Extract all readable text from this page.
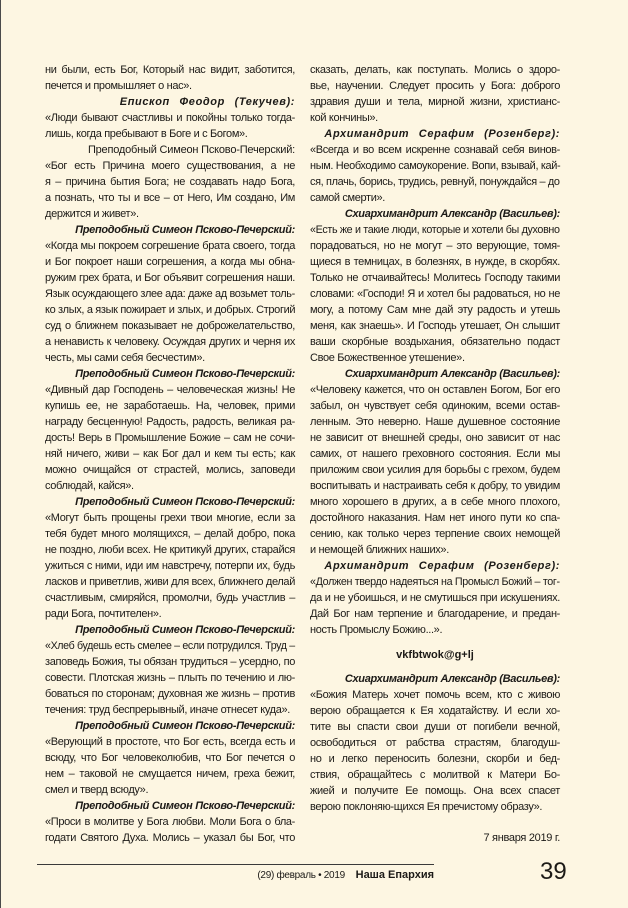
ни были, есть Бог, Который нас видит, заботится,
печется и промышляет о нас».
Епископ Феодор (Текучев):
«Люди бывают счастливы и покойны только тогда-
лишь, когда пребывают в Боге и с Богом».
Преподобный Симеон Псково-Печерский:
«Бог есть Причина моего существования, а не
я – причина бытия Бога; не создавать надо Бога,
а познать, что ты и все – от Него, Им создано, Им
держится и живет».
Преподобный Симеон Псково-Печерский:
«Когда мы покроем согрешение брата своего, тогда
и Бог покроет наши согрешения, а когда мы обна-
ружим грех брата, и Бог объявит согрешения наши.
Язык осуждающего злее ада: даже ад возьмет толь-
ко злых, а язык пожирает и злых, и добрых. Строгий
суд о ближнем показывает не доброжелательство,
а ненависть к человеку. Осуждая других и черня их
честь, мы сами себя бесчестим».
Преподобный Симеон Псково-Печерский:
«Дивный дар Господень – человеческая жизнь! Не
купишь ее, не заработаешь. На, человек, прими
награду бесценную! Радость, радость, великая ра-
дость! Верь в Промышление Божие – сам не сочи-
няй ничего, живи – как Бог дал и кем ты есть; как
можно очищайся от страстей, молись, заповеди
соблюдай, кайся».
Преподобный Симеон Псково-Печерский:
«Могут быть прощены грехи твои многие, если за
тебя будет много молящихся, – делай добро, пока
не поздно, люби всех. Не критикуй других, старайся
ужиться с ними, иди им навстречу, потерпи их, будь
ласков и приветлив, живи для всех, ближнего делай
счастливым, смиряйся, промолчи, будь участлив –
ради Бога, почтителен».
Преподобный Симеон Псково-Печерский:
«Хлеб будешь есть смелее – если потрудился. Труд –
заповедь Божия, ты обязан трудиться – усердно, по
совести. Плотская жизнь – плыть по течению и лю-
боваться по сторонам; духовная же жизнь – против
течения: труд беспрерывный, иначе отнесет куда».
Преподобный Симеон Псково-Печерский:
«Верующий в простоте, что Бог есть, всегда есть и
всюду, что Бог человеколюбив, что Бог печется о
нем – таковой не смущается ничем, греха бежит,
смел и тверд всюду».
Преподобный Симеон Псково-Печерский:
«Проси в молитве у Бога любви. Моли Бога о бла-
годати Святого Духа. Молись – указал бы Бог, что
сказать, делать, как поступать. Молись о здоро-
вье, научении. Следует просить у Бога: доброго
здравия души и тела, мирной жизни, христианс-
кой кончины».
Архимандрит Серафим (Розенберг):
«Всегда и во всем искренне сознавай себя винов-
ным. Необходимо самоукорение. Вопи, взывай, кай-
ся, плачь, борись, трудись, ревнуй, понуждайся – до
самой смерти».
Схиархимандрит Александр (Васильев):
«Есть же и такие люди, которые и хотели бы духовно
порадоваться, но не могут – это верующие, томя-
щиеся в темницах, в болезнях, в нужде, в скорбях.
Только не отчаивайтесь! Молитесь Господу такими
словами: «Господи! Я и хотел бы радоваться, но не
могу, а потому Сам мне дай эту радость и утешь
меня, как знаешь». И Господь утешает, Он слышит
ваши скорбные воздыхания, обязательно подаст
Свое Божественное утешение».
Схиархимандрит Александр (Васильев):
«Человеку кажется, что он оставлен Богом, Бог его
забыл, он чувствует себя одиноким, всеми остав-
ленным. Это неверно. Наше душевное состояние
не зависит от внешней среды, оно зависит от нас
самих, от нашего греховного состояния. Если мы
приложим свои усилия для борьбы с грехом, будем
воспитывать и настраивать себя к добру, то увидим
много хорошего в других, а в себе много плохого,
достойного наказания. Нам нет иного пути ко спа-
сению, как только через терпение своих немощей
и немощей ближних наших».
Архимандрит Серафим (Розенберг):
«Должен твердо надеяться на Промысл Божий – тог-
да и не убоишься, и не смутишься при искушениях.
Дай Бог нам терпение и благодарение, и предан-
ность Промыслу Божию...».
vkfbtwok@g+lj
Схиархимандрит Александр (Васильев):
«Божия Матерь хочет помочь всем, кто с живою
верою обращается к Ея ходатайству. И если хо-
тите вы спасти свои души от погибели вечной,
освободиться от рабства страстям, благодуш-
но и легко переносить болезни, скорби и бед-
ствия, обращайтесь с молитвой к Матери Бо-
жией и получите Ее помощь. Она всех спасет
верою поклоняю-щихся Ея пречистому образу».
7 января 2019 г.
(29) февраль • 2019 Наша Епархия	39
